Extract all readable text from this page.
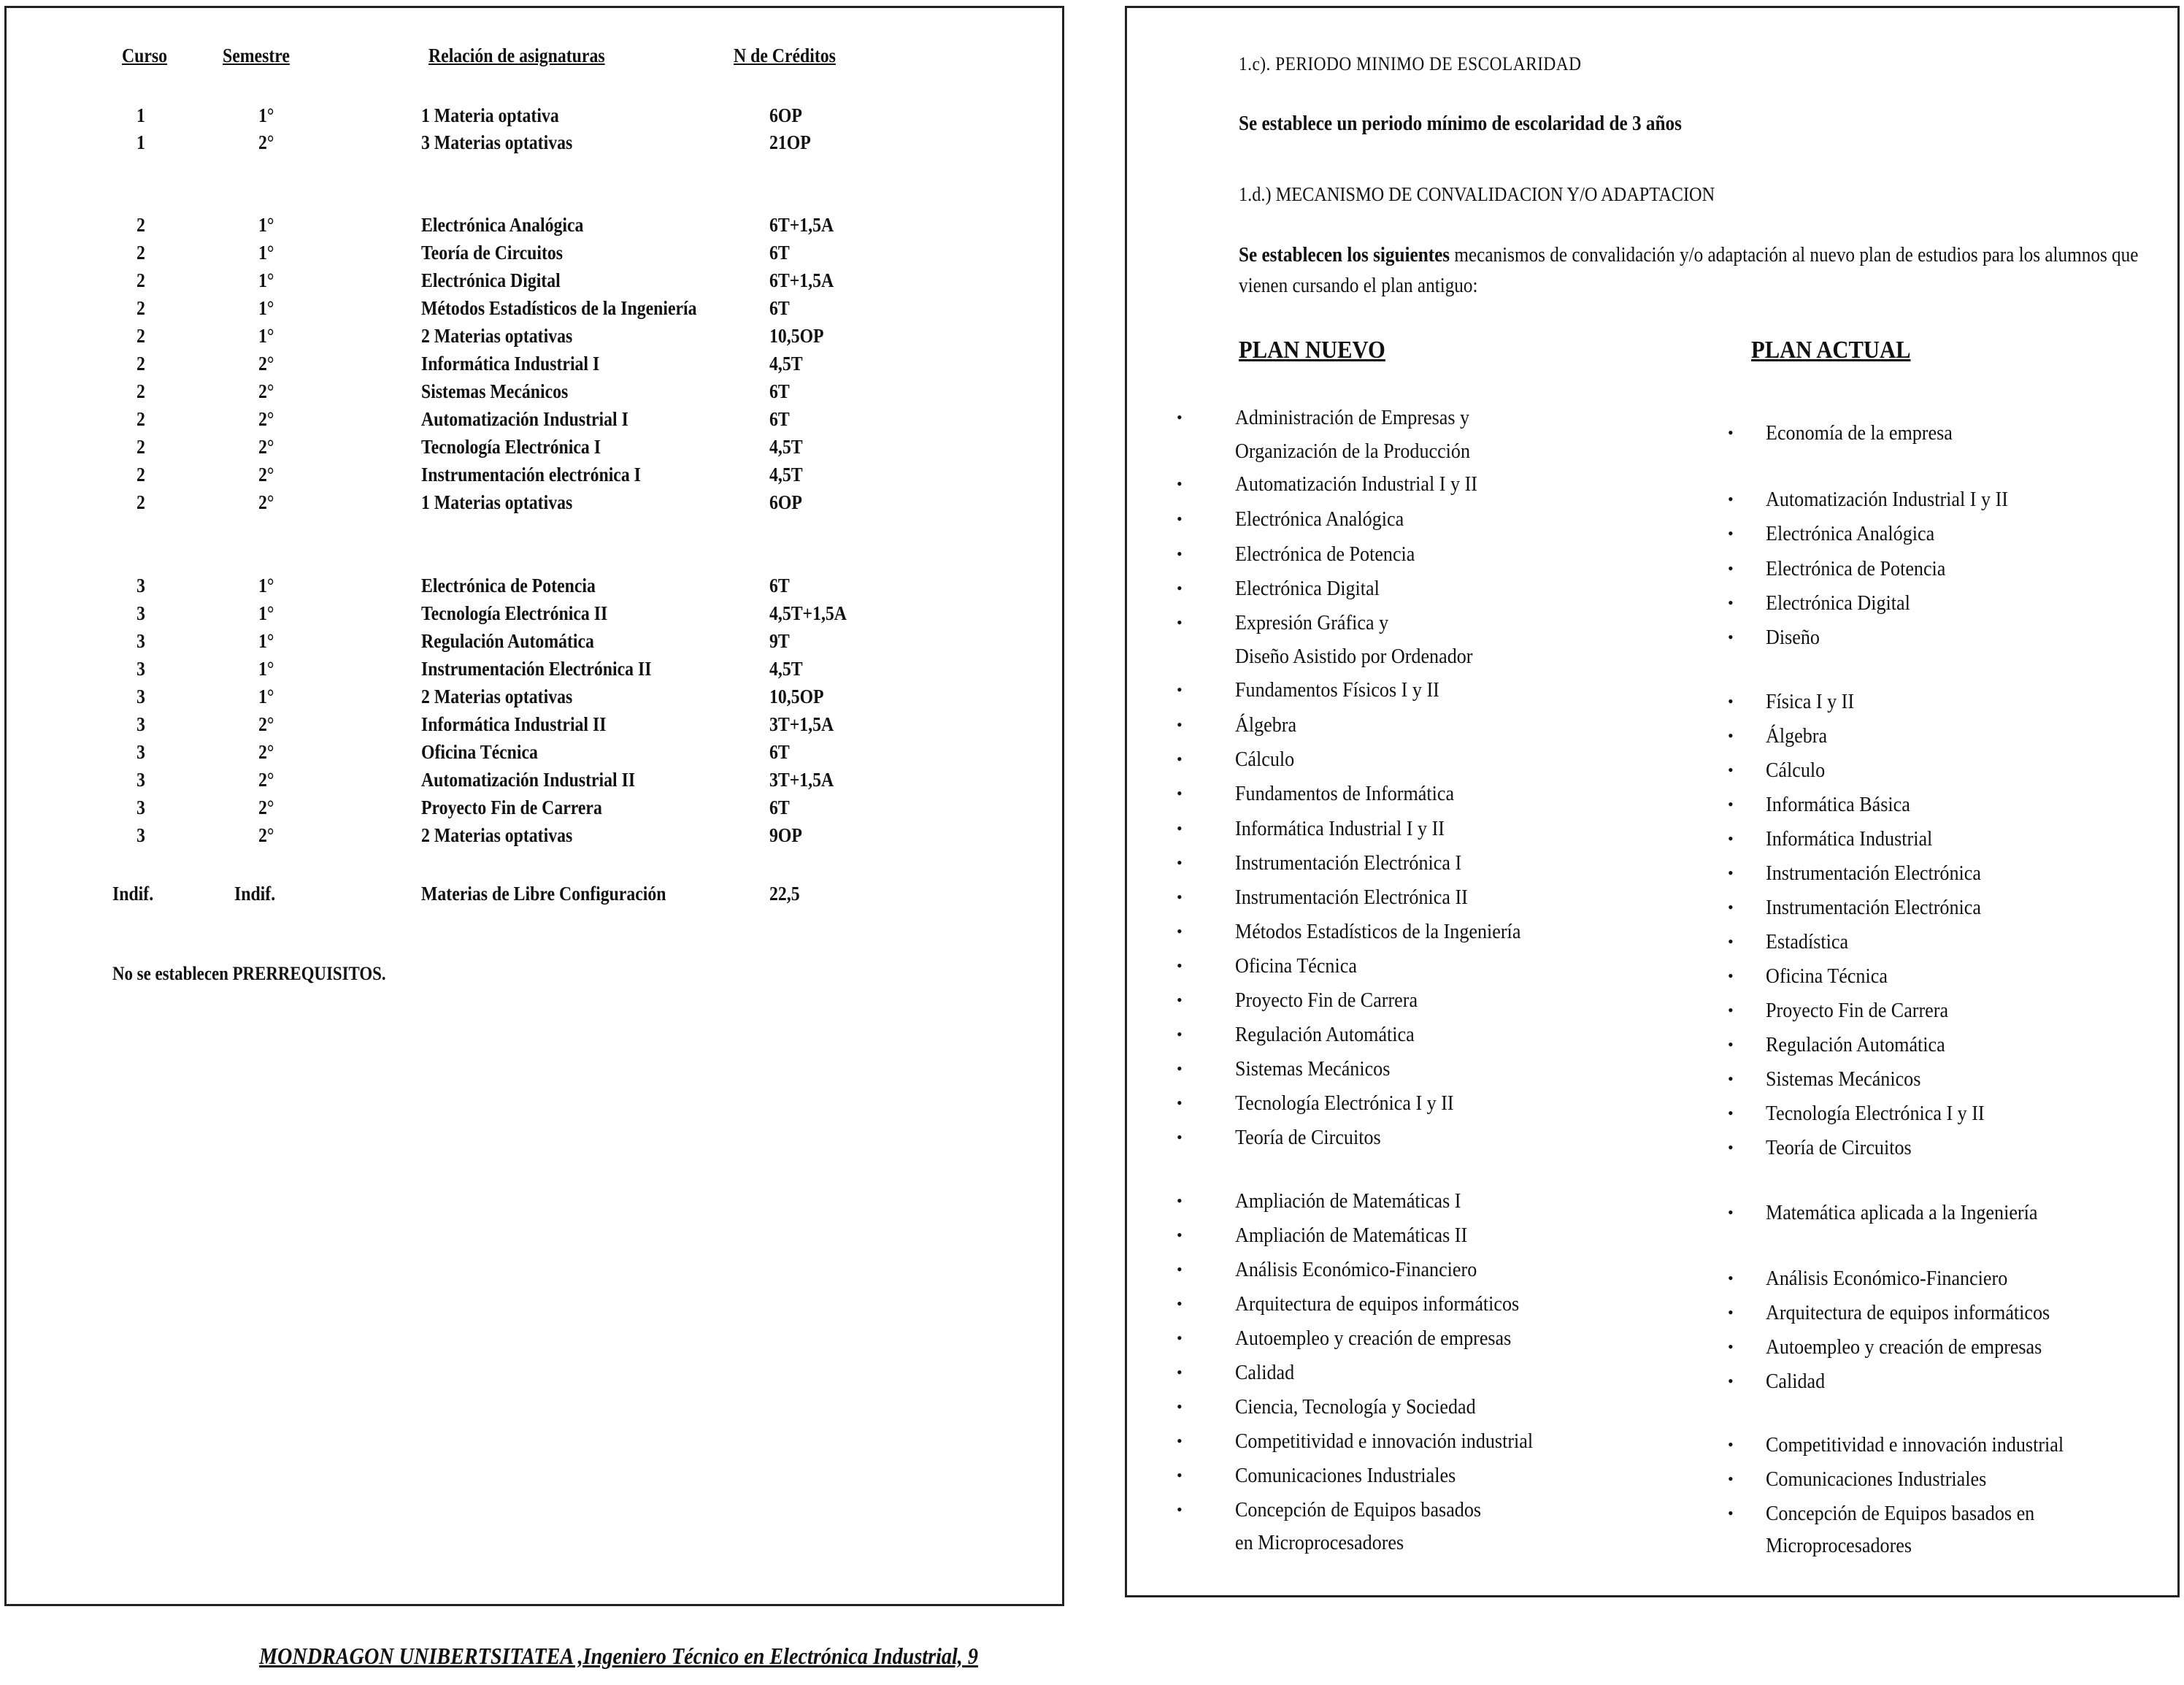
Curso	Semestre	Relación de asignaturas	N de Créditos
1	1°	1 Materia optativa	6OP
1	2°	3 Materias optativas	21OP
2	1°	Electrónica Analógica	6T+1,5A
2	1°	Teoría de Circuitos	6T
2	1°	Electrónica Digital	6T+1,5A
2	1°	Métodos Estadísticos de la Ingeniería	6T
2	1°	2 Materias optativas	10,5OP
2	2°	Informática Industrial I	4,5T
2	2°	Sistemas Mecánicos	6T
2	2°	Automatización Industrial I	6T
2	2°	Tecnología Electrónica I	4,5T
2	2°	Instrumentación electrónica I	4,5T
2	2°	1 Materias optativas	6OP
3	1°	Electrónica de Potencia	6T
3	1°	Tecnología Electrónica II	4,5T+1,5A
3	1°	Regulación Automática	9T
3	1°	Instrumentación Electrónica II	4,5T
3	1°	2 Materias optativas	10,5OP
3	2°	Informática Industrial II	3T+1,5A
3	2°	Oficina Técnica	6T
3	2°	Automatización Industrial II	3T+1,5A
3	2°	Proyecto Fin de Carrera	6T
3	2°	2 Materias optativas	9OP
Indif.	Indif.	Materias de Libre Configuración	22,5
No se establecen PRERREQUISITOS.
1.c). PERIODO MINIMO DE ESCOLARIDAD
Se establece un periodo mínimo de escolaridad de 3 años
1.d.) MECANISMO DE CONVALIDACION Y/O ADAPTACION
Se establecen los siguientes mecanismos de convalidación y/o adaptación al nuevo plan de estudios para los alumnos que vienen cursando el plan antiguo:
PLAN NUEVO	PLAN ACTUAL
•	Administración de Empresas y
Organización de la Producción
•	Automatización Industrial I y II
•	Electrónica Analógica
•	Electrónica de Potencia
•	Electrónica Digital
•	Expresión Gráfica y
Diseño Asistido por Ordenador
•	Fundamentos Físicos I y II
•	Álgebra
•	Cálculo
•	Fundamentos de Informática
•	Informática Industrial I y II
•	Instrumentación Electrónica I
•	Instrumentación Electrónica II
•	Métodos Estadísticos de la Ingeniería
•	Oficina Técnica
•	Proyecto Fin de Carrera
•	Regulación Automática
•	Sistemas Mecánicos
•	Tecnología Electrónica I y II
•	Teoría de Circuitos
•	Ampliación de Matemáticas I
•	Ampliación de Matemáticas II
•	Análisis Económico-Financiero
•	Arquitectura de equipos informáticos
•	Autoempleo y creación de empresas
•	Calidad
•	Ciencia, Tecnología y Sociedad
•	Competitividad e innovación industrial
•	Comunicaciones Industriales
•	Concepción de Equipos basados
en Microprocesadores
•	Economía de la empresa
•	Automatización Industrial I y II
•	Electrónica Analógica
•	Electrónica de Potencia
•	Electrónica Digital
•	Diseño
•	Física I y II
•	Álgebra
•	Cálculo
•	Informática Básica
•	Informática Industrial
•	Instrumentación Electrónica
•	Instrumentación Electrónica
•	Estadística
•	Oficina Técnica
•	Proyecto Fin de Carrera
•	Regulación Automática
•	Sistemas Mecánicos
•	Tecnología Electrónica I y II
•	Teoría de Circuitos
•	Matemática aplicada a la Ingeniería
•	Análisis Económico-Financiero
•	Arquitectura de equipos informáticos
•	Autoempleo y creación de empresas
•	Calidad
•	Competitividad e innovación industrial
•	Comunicaciones Industriales
•	Concepción de Equipos basados en
Microprocesadores
MONDRAGON UNIBERTSITATEA ,Ingeniero Técnico en Electrónica Industrial, 9
